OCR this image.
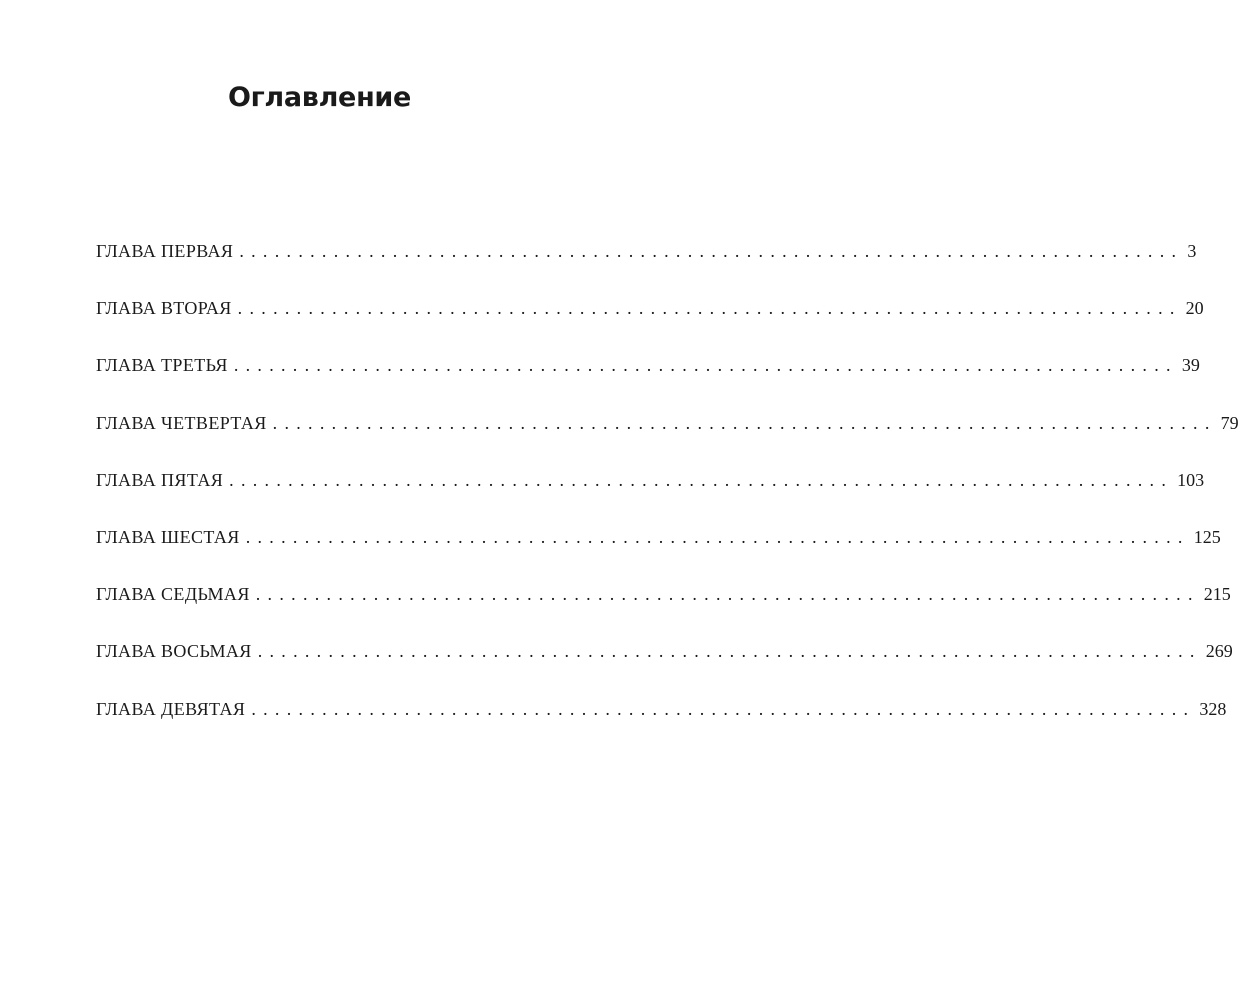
Оглавление
ГЛАВА ПЕРВАЯ ................................................................................ 3
ГЛАВА ВТОРАЯ ................................................................................ 20
ГЛАВА ТРЕТЬЯ ................................................................................ 39
ГЛАВА ЧЕТВЕРТАЯ ................................................................................ 79
ГЛАВА ПЯТАЯ ................................................................................ 103
ГЛАВА ШЕСТАЯ ................................................................................ 125
ГЛАВА СЕДЬМАЯ ................................................................................ 215
ГЛАВА ВОСЬМАЯ ................................................................................ 269
ГЛАВА ДЕВЯТАЯ ................................................................................ 328
